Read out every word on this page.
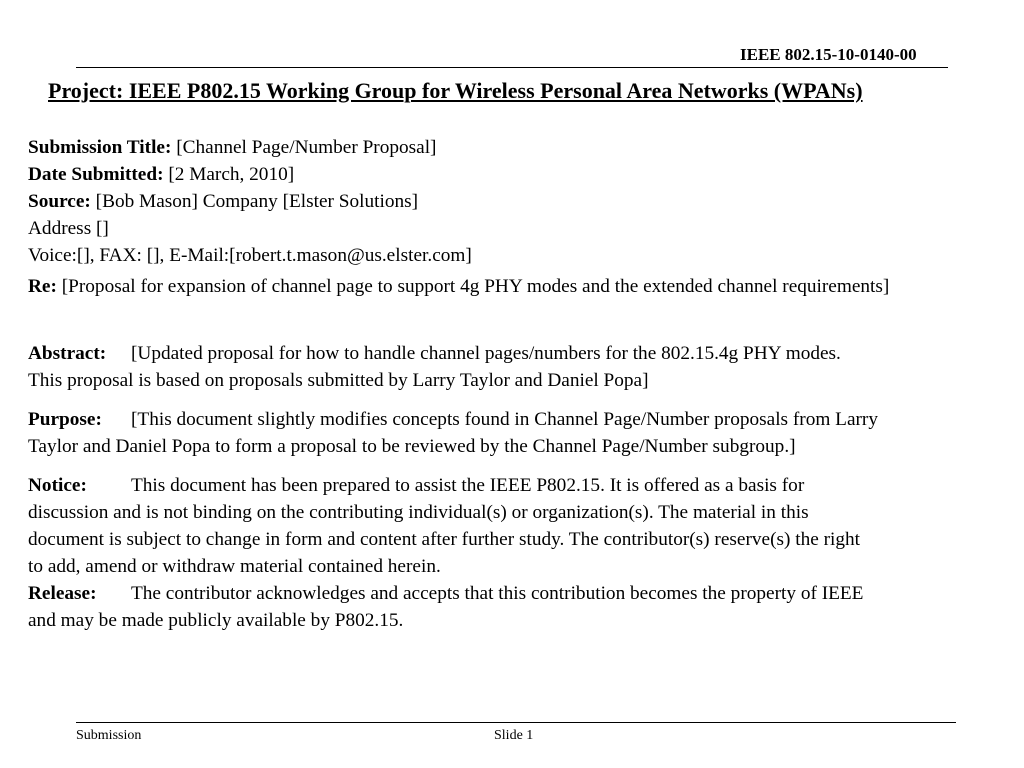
IEEE 802.15-10-0140-00
Project: IEEE P802.15 Working Group for Wireless Personal Area Networks (WPANs)
Submission Title: [Channel Page/Number Proposal]
Date Submitted: [2 March, 2010]
Source: [Bob Mason] Company [Elster Solutions]
Address []
Voice:[], FAX: [], E-Mail:[robert.t.mason@us.elster.com]
Re: [Proposal for expansion of channel page to support 4g PHY modes and the extended channel requirements]
Abstract: [Updated proposal for how to handle channel pages/numbers for the 802.15.4g PHY modes.
This proposal is based on proposals submitted by Larry Taylor and Daniel Popa]
Purpose: [This document slightly modifies concepts found in Channel Page/Number proposals from Larry
Taylor and Daniel Popa to form a proposal to be reviewed by the Channel Page/Number subgroup.]
Notice: This document has been prepared to assist the IEEE P802.15. It is offered as a basis for
discussion and is not binding on the contributing individual(s) or organization(s). The material in this
document is subject to change in form and content after further study. The contributor(s) reserve(s) the right
to add, amend or withdraw material contained herein.
Release: The contributor acknowledges and accepts that this contribution becomes the property of IEEE
and may be made publicly available by P802.15.
Submission	Slide 1
